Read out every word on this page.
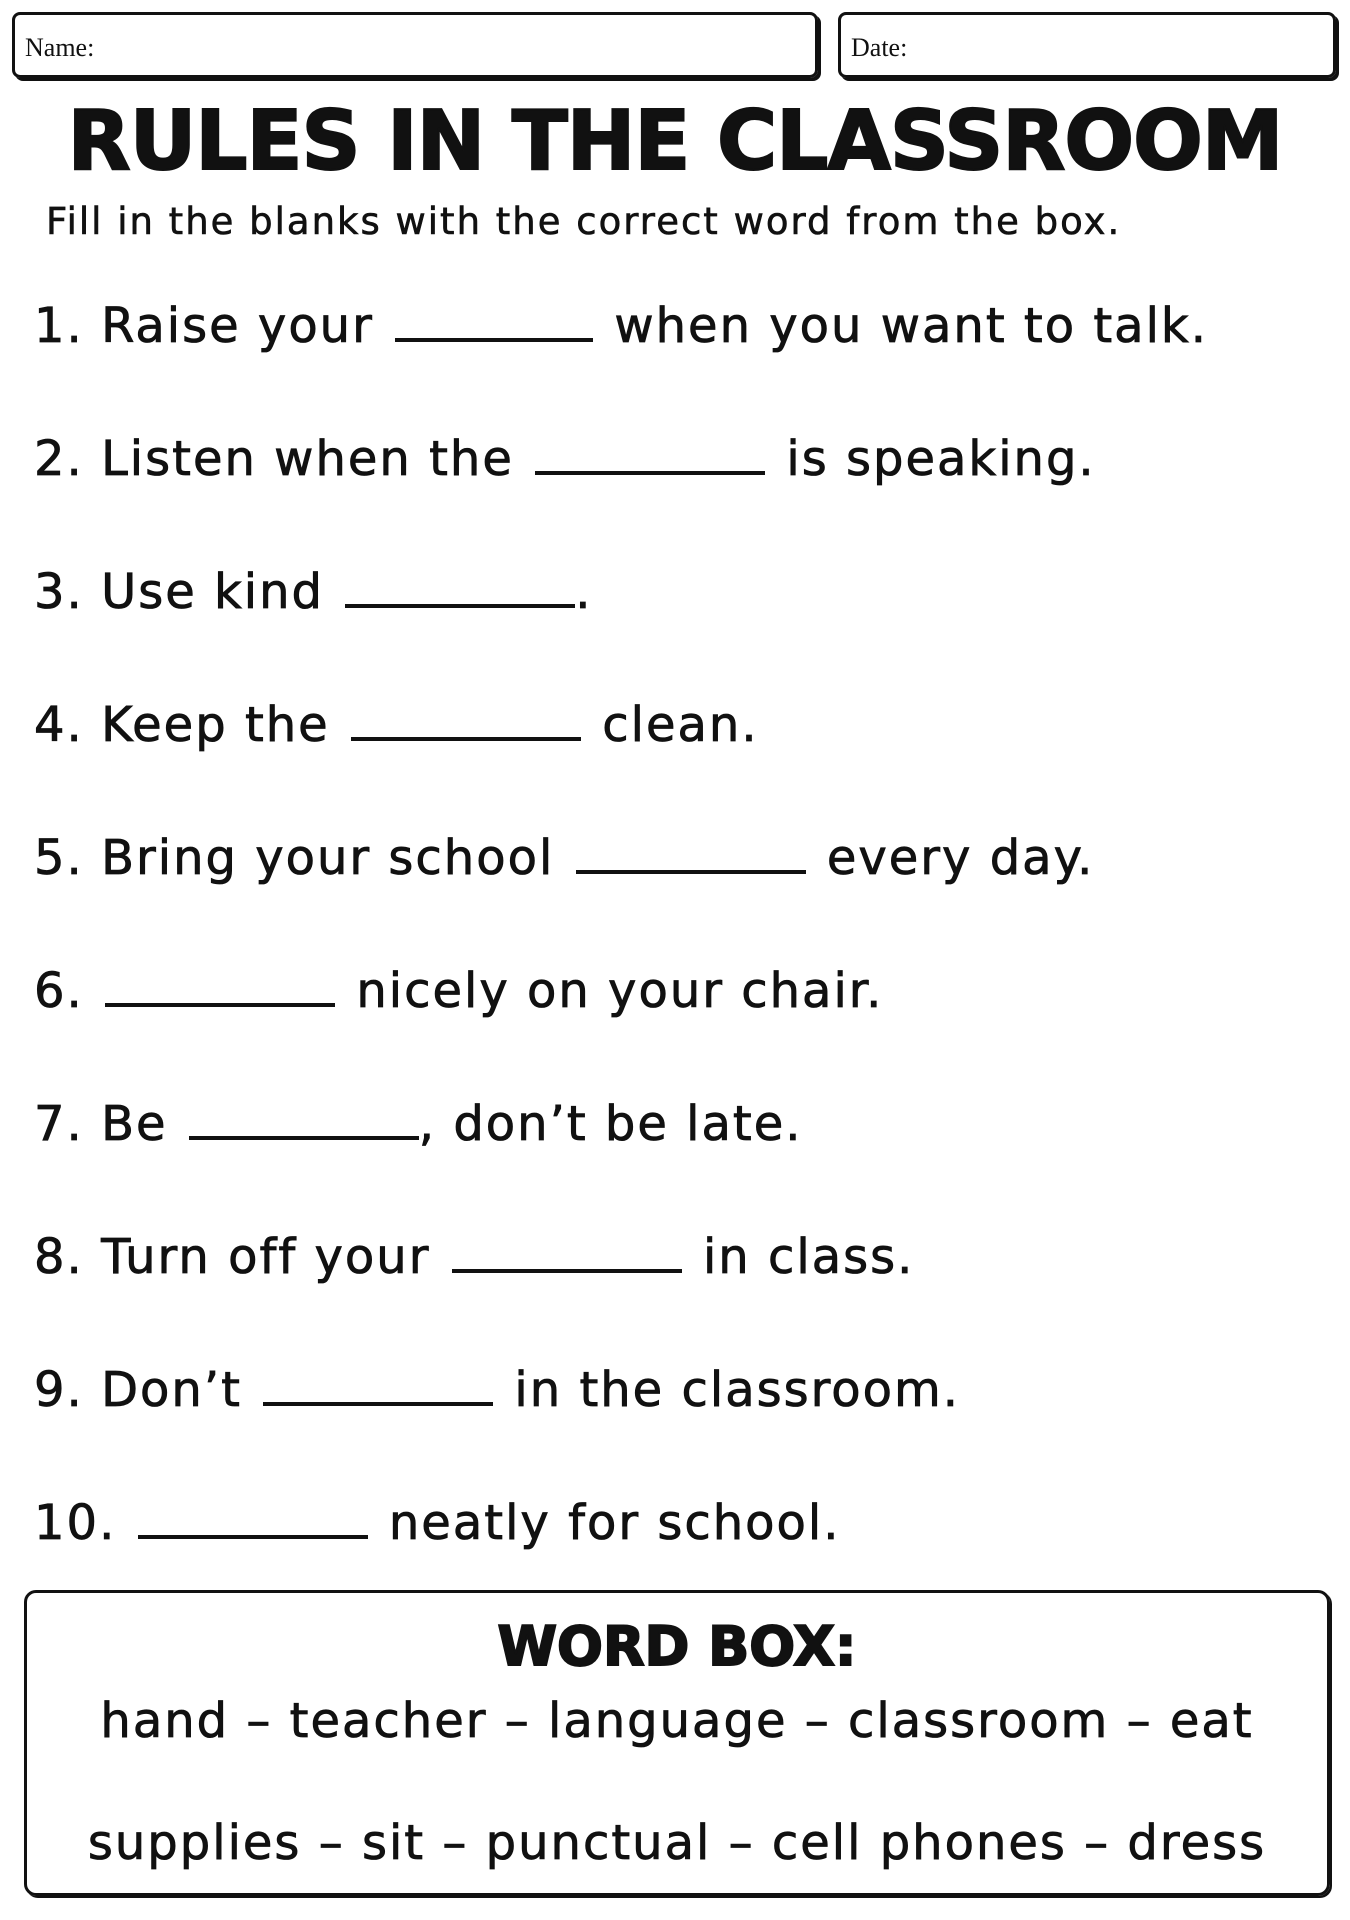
Name:	Date:
RULES IN THE CLASSROOM

Fill in the blanks with the correct word from the box.

1. Raise your	when you want to talk.
2. Listen when the	is speaking.
3. Use kind	.
4. Keep the	clean.
5. Bring your school	every day.
6.	nicely on your chair.
7. Be	, don’t be late.
8. Turn off your	in class.
9. Don’t	in the classroom.
10.	neatly for school.
WORD BOX:
hand – teacher – language – classroom – eat
supplies – sit – punctual – cell phones – dress
